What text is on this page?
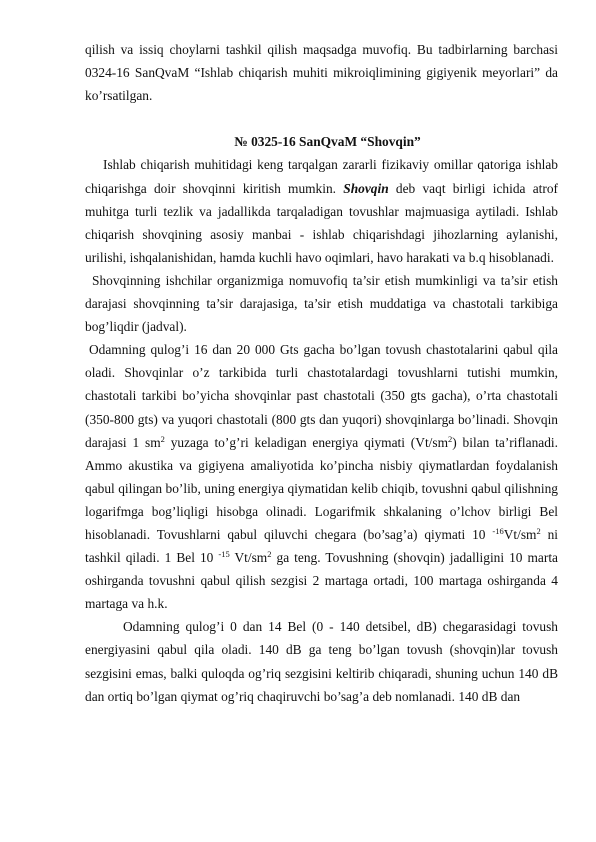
qilish va issiq choylarni tashkil qilish maqsadga muvofiq. Bu tadbirlarning barchasi 0324-16 SanQvaM “Ishlab chiqarish muhiti mikroiqlimining gigiyenik meyorlari” da ko’rsatilgan.

№ 0325-16 SanQvaM “Shovqin”

Ishlab chiqarish muhitidagi keng tarqalgan zararli fizikaviy omillar qatoriga ishlab chiqarishga doir shovqinni kiritish mumkin. Shovqin deb vaqt birligi ichida atrof muhitga turli tezlik va jadallikda tarqaladigan tovushlar majmuasiga aytiladi. Ishlab chiqarish shovqining asosiy manbai - ishlab chiqarishdagi jihozlarning aylanishi, urilishi, ishqalanishidan, hamda kuchli havo oqimlari, havo harakati va b.q hisoblanadi.

Shovqinning ishchilar organizmiga nomuvofiq ta’sir etish mumkinligi va ta’sir etish darajasi shovqinning ta’sir darajasiga, ta’sir etish muddatiga va chastotali tarkibiga bog’liqdir (jadval).

Odamning qulog’i 16 dan 20 000 Gts gacha bo’lgan tovush chastotalarini qabul qila oladi. Shovqinlar o’z tarkibida turli chastotalardagi tovushlarni tutishi mumkin, chastotali tarkibi bo’yicha shovqinlar past chastotali (350 gts gacha), o’rta chastotali (350-800 gts) va yuqori chastotali (800 gts dan yuqori) shovqinlarga bo’linadi. Shovqin darajasi 1 $sm^2$ yuzaga to’g’ri keladigan energiya qiymati $(Vt/sm^2)$ bilan ta’riflanadi. Ammo akustika va gigiyena amaliyotida ko’pincha nisbiy qiymatlardan foydalanish qabul qilingan bo’lib, uning energiya qiymatidan kelib chiqib, tovushni qabul qilishning logarifmga bog’liqligi hisobga olinadi. Logarifmik shkalaning o’lchov birligi Bel hisoblanadi. Tovushlarni qabul qiluvchi chegara (bo’sag’a) qiymati 10 $^{-16}Vt/sm^2$ ni tashkil qiladi. 1 Bel 10 $^{-15}$ $Vt/sm^2$ ga teng. Tovushning (shovqin) jadalligini 10 marta oshirganda tovushni qabul qilish sezgisi 2 martaga ortadi, 100 martaga oshirganda 4 martaga va h.k.

Odamning qulog’i 0 dan 14 Bel (0 - 140 detsibel, dB) chegarasidagi tovush energiyasini qabul qila oladi. 140 dB ga teng bo’lgan tovush (shovqin)lar tovush sezgisini emas, balki quloqda og’riq sezgisini keltirib chiqaradi, shuning uchun 140 dB dan ortiq bo’lgan qiymat og’riq chaqiruvchi bo’sag’a deb nomlanadi. 140 dB dan
